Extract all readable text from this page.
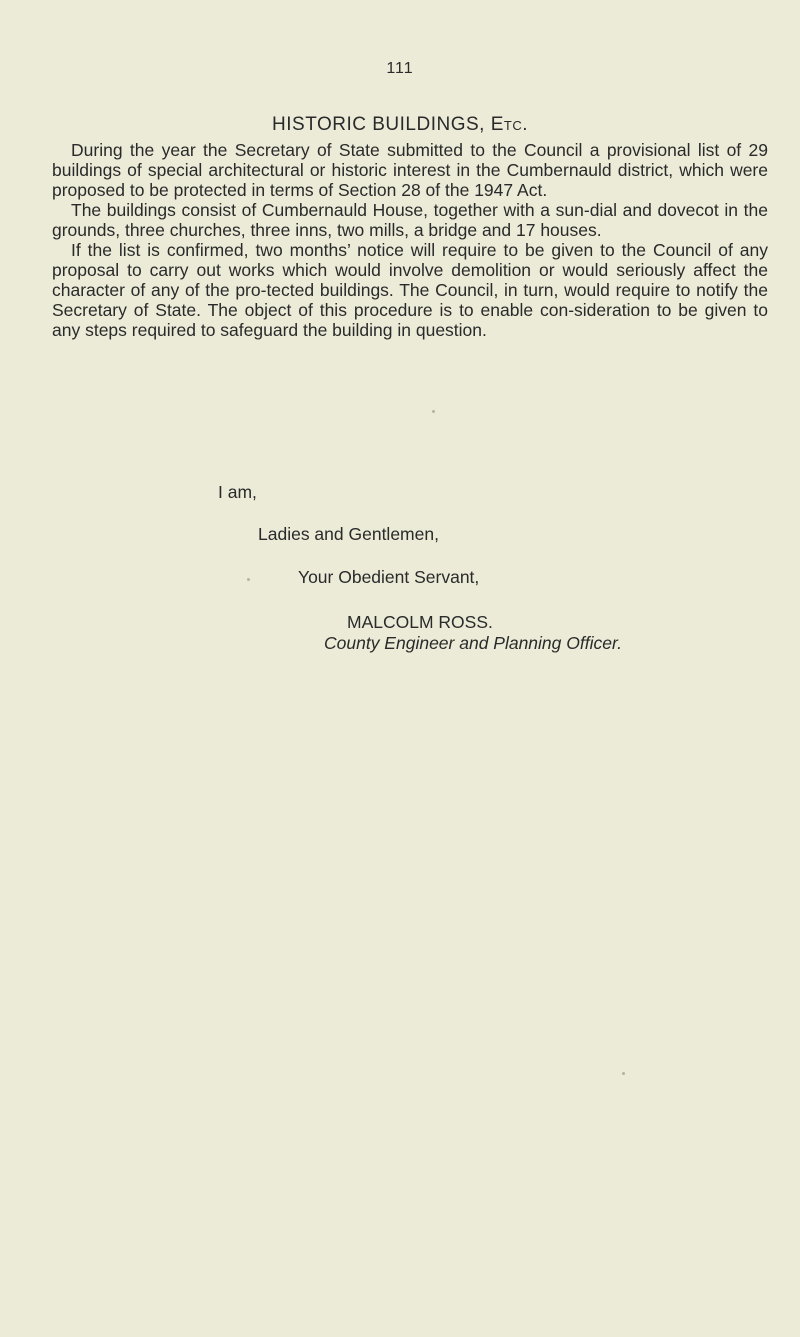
111
HISTORIC BUILDINGS, Etc.

During the year the Secretary of State submitted to the Council a provisional list of 29 buildings of special architectural or historic interest in the Cumbernauld district, which were proposed to be protected in terms of Section 28 of the 1947 Act.

The buildings consist of Cumbernauld House, together with a sun-dial and dovecot in the grounds, three churches, three inns, two mills, a bridge and 17 houses.

If the list is confirmed, two months’ notice will require to be given to the Council of any proposal to carry out works which would involve demolition or would seriously affect the character of any of the pro-tected buildings. The Council, in turn, would require to notify the Secretary of State. The object of this procedure is to enable con-sideration to be given to any steps required to safeguard the building in question.

I am,
Ladies and Gentlemen,
Your Obedient Servant,
MALCOLM ROSS.
County Engineer and Planning Officer.
